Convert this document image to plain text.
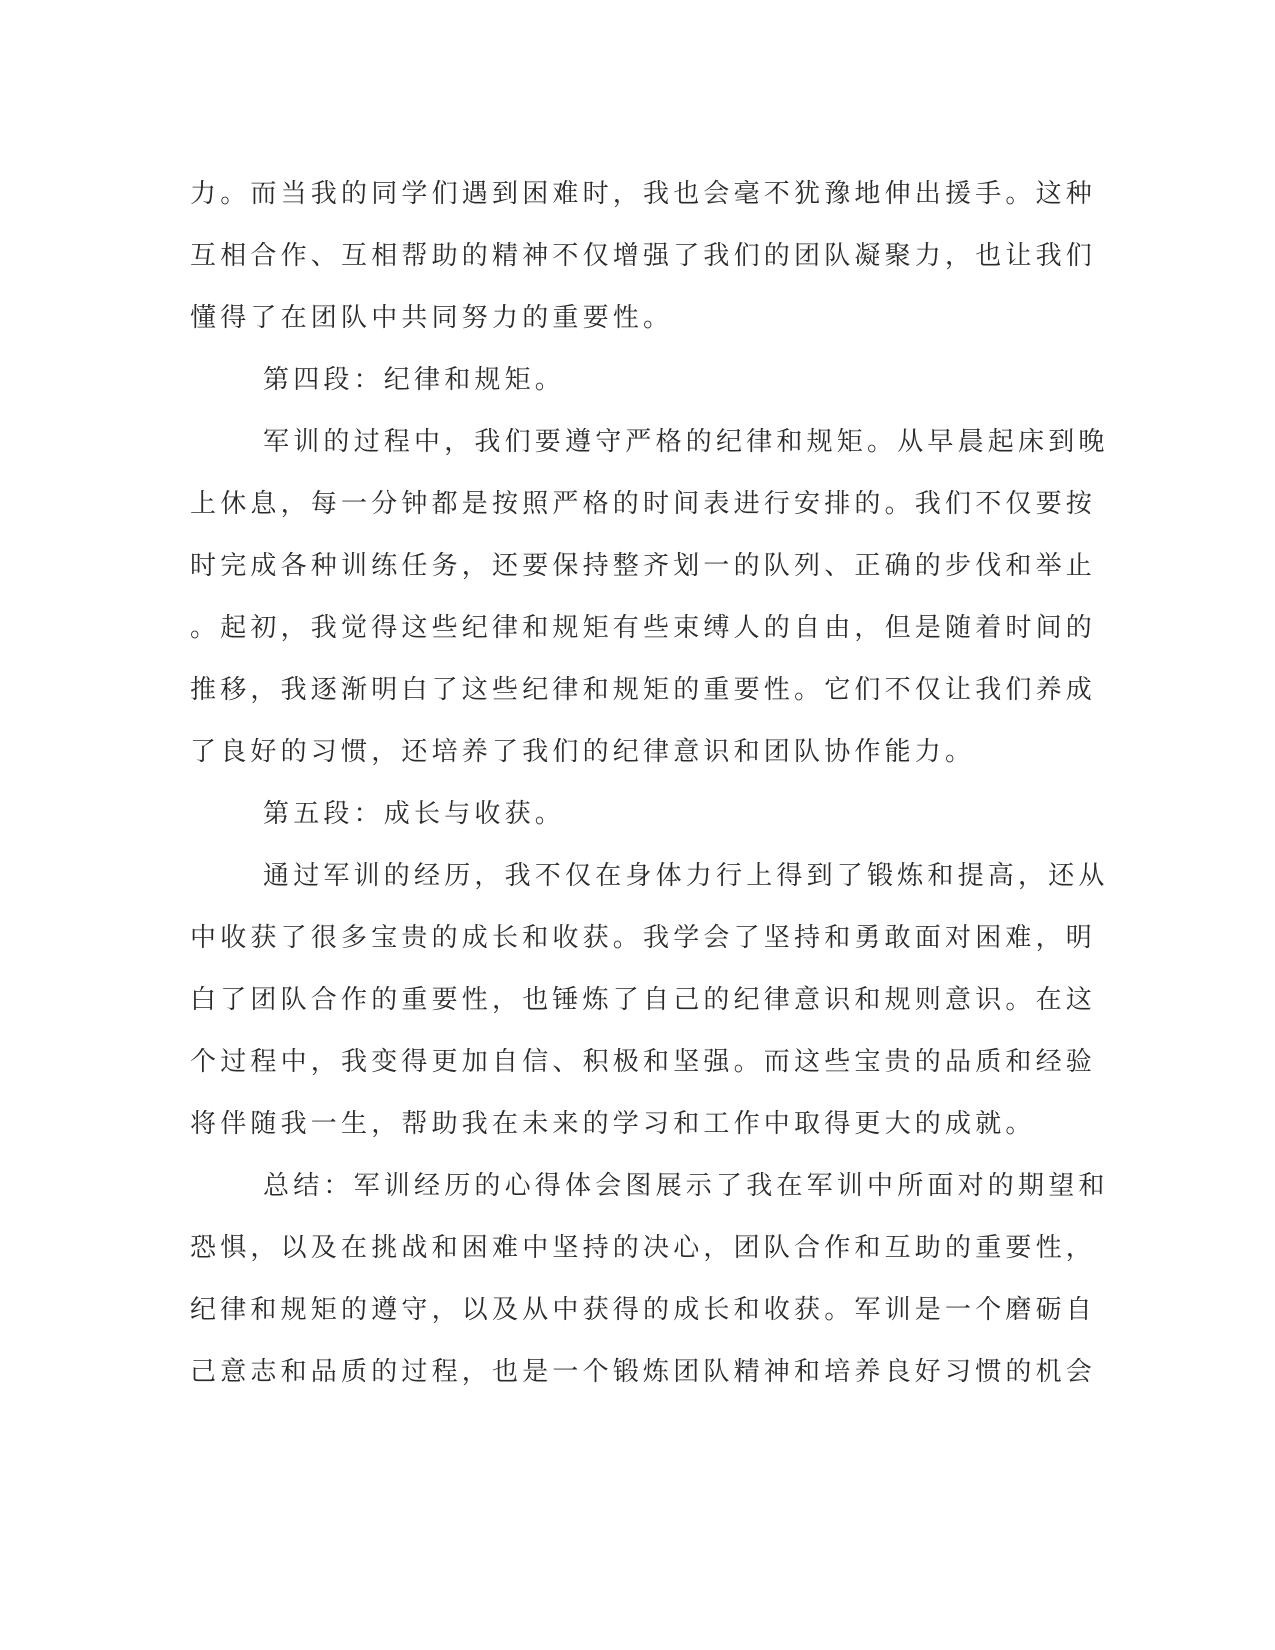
力。而当我的同学们遇到困难时，我也会毫不犹豫地伸出援手。这种
互相合作、互相帮助的精神不仅增强了我们的团队凝聚力，也让我们
懂得了在团队中共同努力的重要性。
第四段：纪律和规矩。
军训的过程中，我们要遵守严格的纪律和规矩。从早晨起床到晚
上休息，每一分钟都是按照严格的时间表进行安排的。我们不仅要按
时完成各种训练任务，还要保持整齐划一的队列、正确的步伐和举止
。起初，我觉得这些纪律和规矩有些束缚人的自由，但是随着时间的
推移，我逐渐明白了这些纪律和规矩的重要性。它们不仅让我们养成
了良好的习惯，还培养了我们的纪律意识和团队协作能力。
第五段：成长与收获。
通过军训的经历，我不仅在身体力行上得到了锻炼和提高，还从
中收获了很多宝贵的成长和收获。我学会了坚持和勇敢面对困难，明
白了团队合作的重要性，也锤炼了自己的纪律意识和规则意识。在这
个过程中，我变得更加自信、积极和坚强。而这些宝贵的品质和经验
将伴随我一生，帮助我在未来的学习和工作中取得更大的成就。
总结：军训经历的心得体会图展示了我在军训中所面对的期望和
恐惧，以及在挑战和困难中坚持的决心，团队合作和互助的重要性，
纪律和规矩的遵守，以及从中获得的成长和收获。军训是一个磨砺自
己意志和品质的过程，也是一个锻炼团队精神和培养良好习惯的机会
